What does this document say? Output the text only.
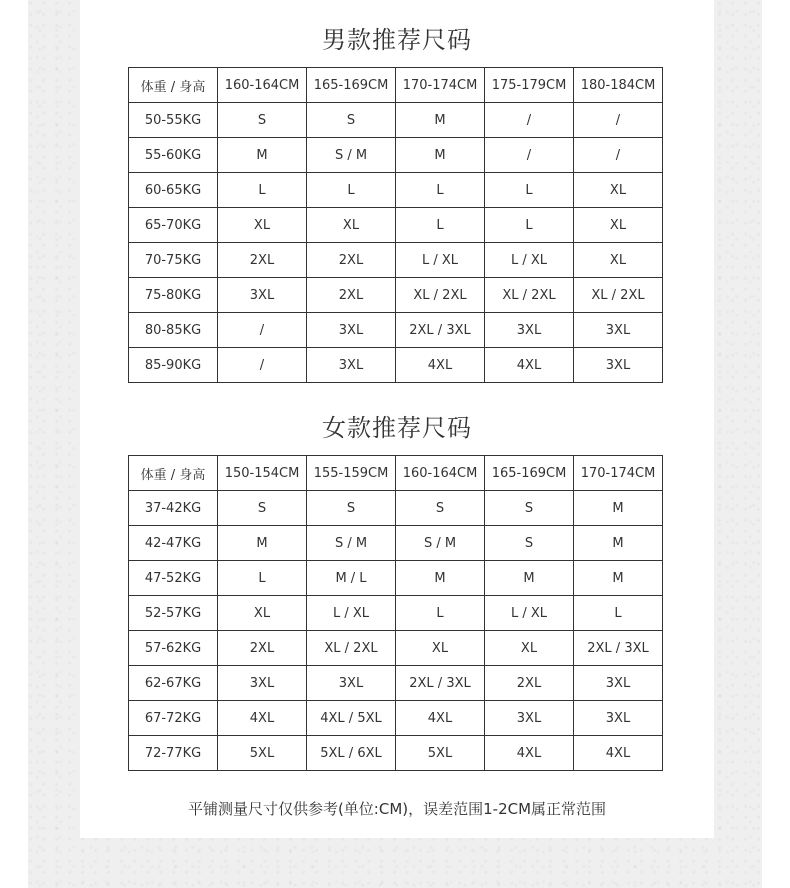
男款推荐尺码
体重 / 身高	160-164CM	165-169CM	170-174CM	175-179CM	180-184CM
50-55KG	S	S	M	/	/
55-60KG	M	S / M	M	/	/
60-65KG	L	L	L	L	XL
65-70KG	XL	XL	L	L	XL
70-75KG	2XL	2XL	L / XL	L / XL	XL
75-80KG	3XL	2XL	XL / 2XL	XL / 2XL	XL / 2XL
80-85KG	/	3XL	2XL / 3XL	3XL	3XL
85-90KG	/	3XL	4XL	4XL	3XL
女款推荐尺码
体重 / 身高	150-154CM	155-159CM	160-164CM	165-169CM	170-174CM
37-42KG	S	S	S	S	M
42-47KG	M	S / M	S / M	S	M
47-52KG	L	M / L	M	M	M
52-57KG	XL	L / XL	L	L / XL	L
57-62KG	2XL	XL / 2XL	XL	XL	2XL / 3XL
62-67KG	3XL	3XL	2XL / 3XL	2XL	3XL
67-72KG	4XL	4XL / 5XL	4XL	3XL	3XL
72-77KG	5XL	5XL / 6XL	5XL	4XL	4XL
平铺测量尺寸仅供参考(单位:CM)，误差范围1-2CM属正常范围
